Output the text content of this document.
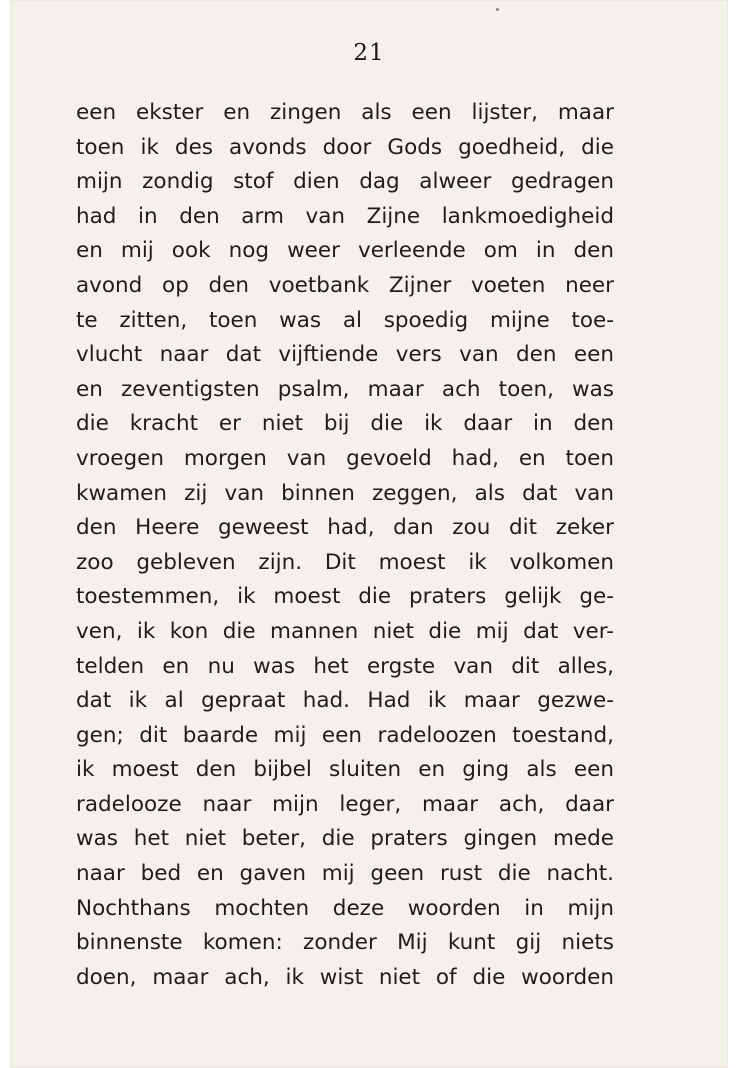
21
een ekster en zingen als een lijster, maar
toen ik des avonds door Gods goedheid, die
mijn zondig stof dien dag alweer gedragen
had in den arm van Zijne lankmoedigheid
en mij ook nog weer verleende om in den
avond op den voetbank Zijner voeten neer
te zitten, toen was al spoedig mijne toe-
vlucht naar dat vijftiende vers van den een
en zeventigsten psalm, maar ach toen, was
die kracht er niet bij die ik daar in den
vroegen morgen van gevoeld had, en toen
kwamen zij van binnen zeggen, als dat van
den Heere geweest had, dan zou dit zeker
zoo gebleven zijn. Dit moest ik volkomen
toestemmen, ik moest die praters gelijk ge-
ven, ik kon die mannen niet die mij dat ver-
telden en nu was het ergste van dit alles,
dat ik al gepraat had. Had ik maar gezwe-
gen; dit baarde mij een radeloozen toestand,
ik moest den bijbel sluiten en ging als een
radelooze naar mijn leger, maar ach, daar
was het niet beter, die praters gingen mede
naar bed en gaven mij geen rust die nacht.
Nochthans mochten deze woorden in mijn
binnenste komen: zonder Mij kunt gij niets
doen, maar ach, ik wist niet of die woorden
